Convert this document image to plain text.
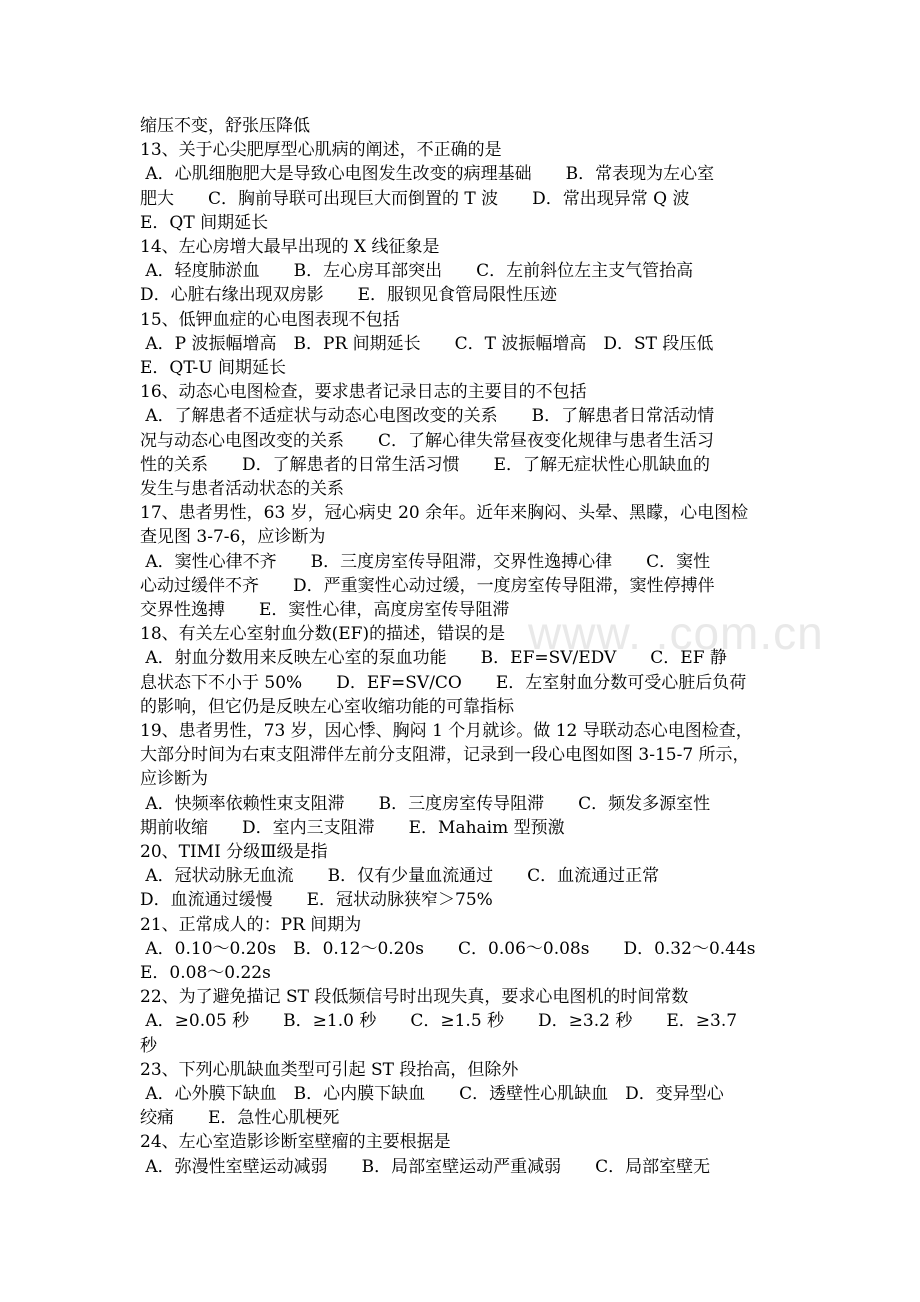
www. .com.cn
缩压不变，舒张压降低
13、关于心尖肥厚型心肌病的阐述，不正确的是
A．心肌细胞肥大是导致心电图发生改变的病理基础　　B．常表现为左心室
肥大　　C．胸前导联可出现巨大而倒置的 T 波　　D．常出现异常 Q 波
E．QT 间期延长
14、左心房增大最早出现的 X 线征象是
A．轻度肺淤血　　B．左心房耳部突出　　C．左前斜位左主支气管抬高
D．心脏右缘出现双房影　　E．服钡见食管局限性压迹
15、低钾血症的心电图表现不包括
A．P 波振幅增高　B．PR 间期延长　　C．T 波振幅增高　D．ST 段压低
E．QT-U 间期延长
16、动态心电图检查，要求患者记录日志的主要目的不包括
A．了解患者不适症状与动态心电图改变的关系　　B．了解患者日常活动情
况与动态心电图改变的关系　　C．了解心律失常昼夜变化规律与患者生活习
性的关系　　D．了解患者的日常生活习惯　　E．了解无症状性心肌缺血的
发生与患者活动状态的关系
17、患者男性，63 岁，冠心病史 20 余年。近年来胸闷、头晕、黑矇，心电图检
查见图 3-7-6，应诊断为
A．窦性心律不齐　　B．三度房室传导阻滞，交界性逸搏心律　　C．窦性
心动过缓伴不齐　　D．严重窦性心动过缓，一度房室传导阻滞，窦性停搏伴
交界性逸搏　　E．窦性心律，高度房室传导阻滞
18、有关左心室射血分数(EF)的描述，错误的是
A．射血分数用来反映左心室的泵血功能　　B．EF=SV/EDV　　C．EF 静
息状态下不小于 50%　　D．EF=SV/CO　　E．左室射血分数可受心脏后负荷
的影响，但它仍是反映左心室收缩功能的可靠指标
19、患者男性，73 岁，因心悸、胸闷 1 个月就诊。做 12 导联动态心电图检查，
大部分时间为右束支阻滞伴左前分支阻滞，记录到一段心电图如图 3-15-7 所示，
应诊断为
A．快频率依赖性束支阻滞　　B．三度房室传导阻滞　　C．频发多源室性
期前收缩　　D．室内三支阻滞　　E．Mahaim 型预激
20、TIMI 分级Ⅲ级是指
A．冠状动脉无血流　　B．仅有少量血流通过　　C．血流通过正常
D．血流通过缓慢　　E．冠状动脉狭窄＞75%
21、正常成人的：PR 间期为
A．0.10～0.20s　B．0.12～0.20s　　C．0.06～0.08s　　D．0.32～0.44s
E．0.08～0.22s
22、为了避免描记 ST 段低频信号时出现失真，要求心电图机的时间常数
A．≥0.05 秒　　B．≥1.0 秒　　C．≥1.5 秒　　D．≥3.2 秒　　E．≥3.7
秒
23、下列心肌缺血类型可引起 ST 段抬高，但除外
A．心外膜下缺血　B．心内膜下缺血　　C．透壁性心肌缺血　D．变异型心
绞痛　　E．急性心肌梗死
24、左心室造影诊断室壁瘤的主要根据是
A．弥漫性室壁运动减弱　　B．局部室壁运动严重减弱　　C．局部室壁无
